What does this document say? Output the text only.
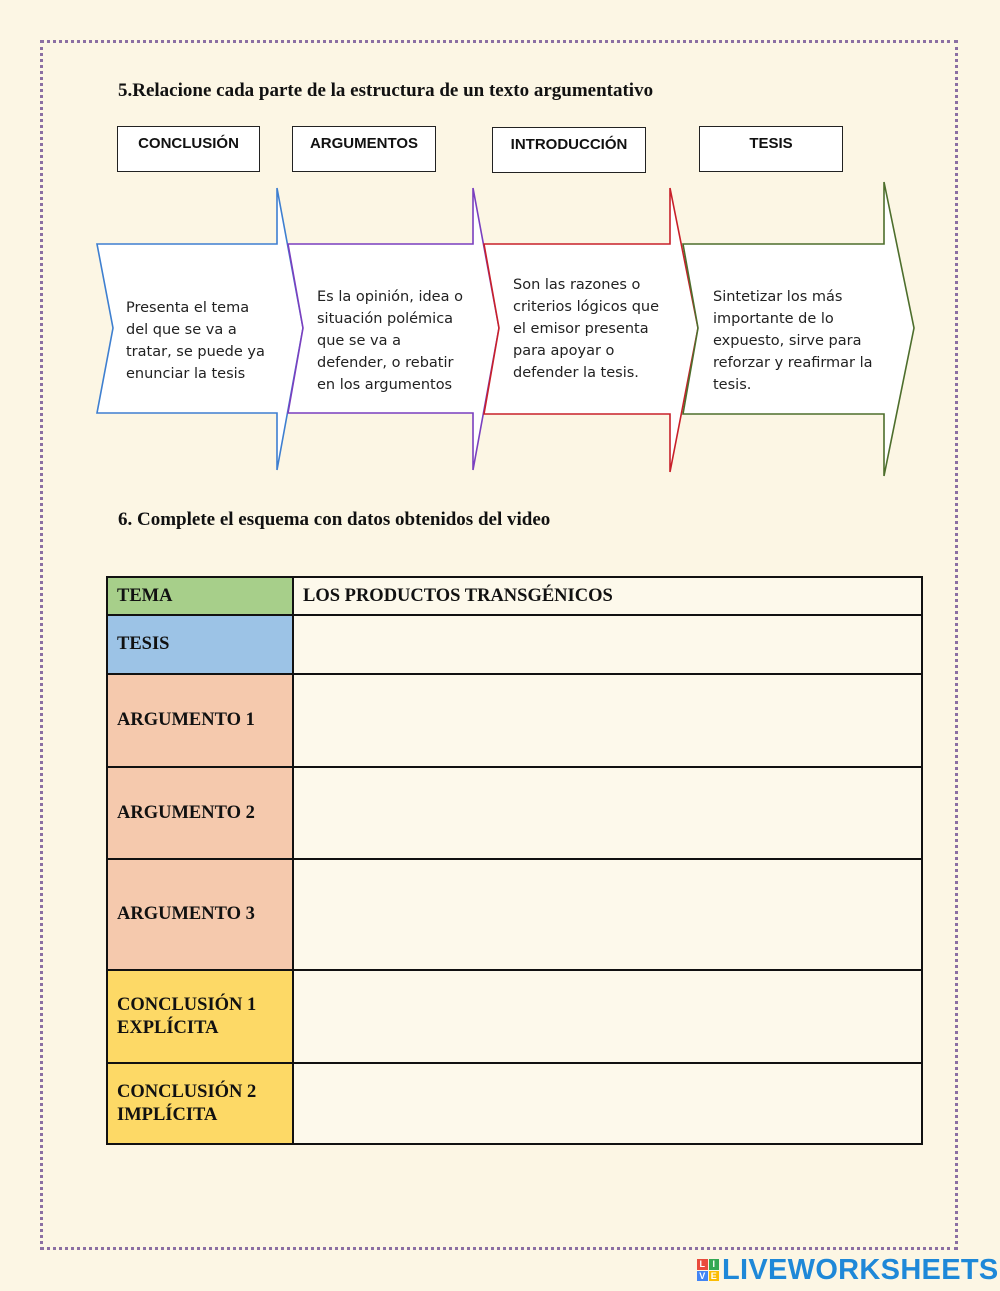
5.Relacione cada parte de la estructura de un texto argumentativo
CONCLUSIÓN	ARGUMENTOS	INTRODUCCIÓN	TESIS
Presenta el tema
del que se va a
tratar, se puede ya
enunciar la tesis
Es la opinión, idea o
situación polémica
que se va a
defender, o rebatir
en los argumentos
Son las razones o
criterios lógicos que
el emisor presenta
para apoyar o
defender la tesis.
Sintetizar los más
importante de lo
expuesto, sirve para
reforzar y reafirmar la
tesis.
6. Complete el esquema con datos obtenidos del video
TEMA	LOS PRODUCTOS TRANSGÉNICOS
TESIS	
ARGUMENTO 1	
ARGUMENTO 2	
ARGUMENTO 3	
CONCLUSIÓN 1 EXPLÍCITA	
CONCLUSIÓN 2 IMPLÍCITA	
L I
V E LIVEWORKSHEETS
